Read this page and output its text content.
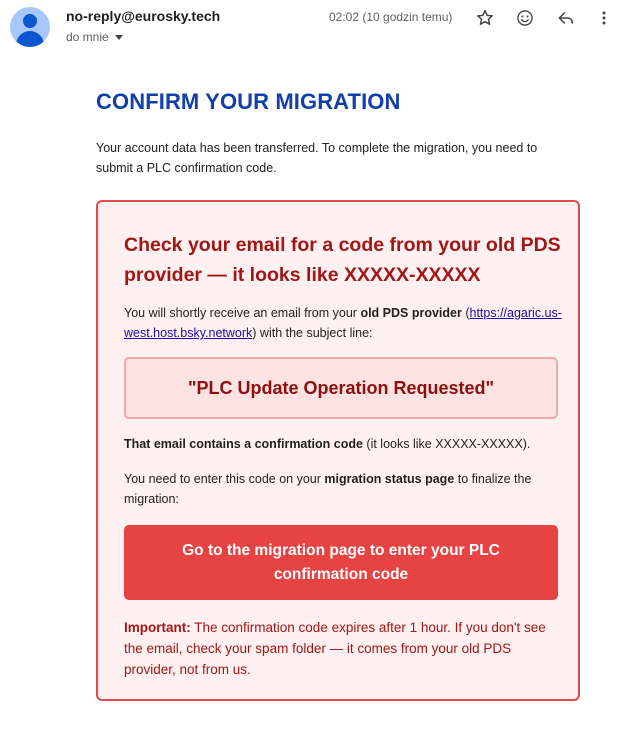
no-reply@eurosky.tech
do mnie
02:02 (10 godzin temu)
CONFIRM YOUR MIGRATION

Your account data has been transferred. To complete the migration, you need to submit a PLC confirmation code.

Check your email for a code from your old PDS provider — it looks like XXXXX-XXXXX

You will shortly receive an email from your old PDS provider (https://agaric.us-west.host.bsky.network) with the subject line:

"PLC Update Operation Requested"

That email contains a confirmation code (it looks like XXXXX-XXXXX).

You need to enter this code on your migration status page to finalize the migration:

Go to the migration page to enter your PLC confirmation code

Important: The confirmation code expires after 1 hour. If you don't see the email, check your spam folder — it comes from your old PDS provider, not from us.
